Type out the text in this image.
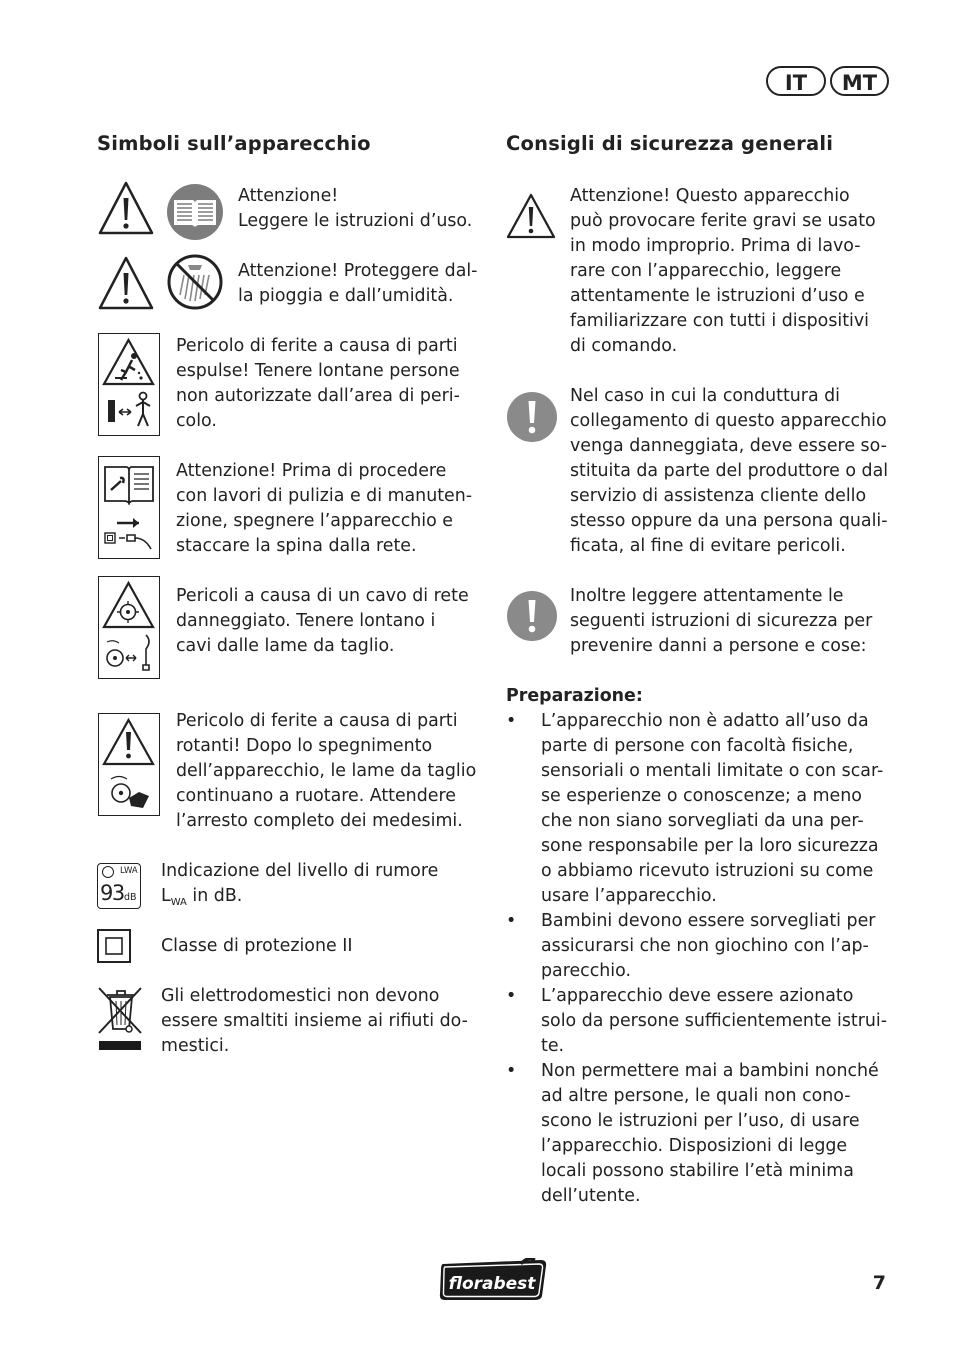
IT	MT
Simboli sull’apparecchio
Attenzione!
Leggere le istruzioni d’uso.
Attenzione! Proteggere dal-
la pioggia e dall’umidità.
Pericolo di ferite a causa di parti
espulse! Tenere lontane persone
non autorizzate dall’area di peri-
colo.
Attenzione! Prima di procedere
con lavori di pulizia e di manuten-
zione, spegnere l’apparecchio e
staccare la spina dalla rete.
Pericoli a causa di un cavo di rete
danneggiato. Tenere lontano i
cavi dalle lame da taglio.
Pericolo di ferite a causa di parti
rotanti! Dopo lo spegnimento
dell’apparecchio, le lame da taglio
continuano a ruotare. Attendere
l’arresto completo dei medesimi.
LWA
93 dB
Indicazione del livello di rumore
$L_{WA}$ in dB.
Classe di protezione II
Gli elettrodomestici non devono
essere smaltiti insieme ai rifiuti do-
mestici.
Consigli di sicurezza generali
Attenzione! Questo apparecchio
può provocare ferite gravi se usato
in modo improprio. Prima di lavo-
rare con l’apparecchio, leggere
attentamente le istruzioni d’uso e
familiarizzare con tutti i dispositivi
di comando.
Nel caso in cui la conduttura di
collegamento di questo apparecchio
venga danneggiata, deve essere so-
stituita da parte del produttore o dal
servizio di assistenza cliente dello
stesso oppure da una persona quali-
ficata, al fine di evitare pericoli.
Inoltre leggere attentamente le
seguenti istruzioni di sicurezza per
prevenire danni a persone e cose:
Preparazione:
• L’apparecchio non è adatto all’uso da
parte di persone con facoltà fisiche,
sensoriali o mentali limitate o con scar-
se esperienze o conoscenze; a meno
che non siano sorvegliati da una per-
sone responsabile per la loro sicurezza
o abbiamo ricevuto istruzioni su come
usare l’apparecchio.
• Bambini devono essere sorvegliati per
assicurarsi che non giochino con l’ap-
parecchio.
• L’apparecchio deve essere azionato
solo da persone sufficientemente istrui-
te.
• Non permettere mai a bambini nonché
ad altre persone, le quali non cono-
scono le istruzioni per l’uso, di usare
l’apparecchio. Disposizioni di legge
locali possono stabilire l’età minima
dell’utente.
florabest	7
